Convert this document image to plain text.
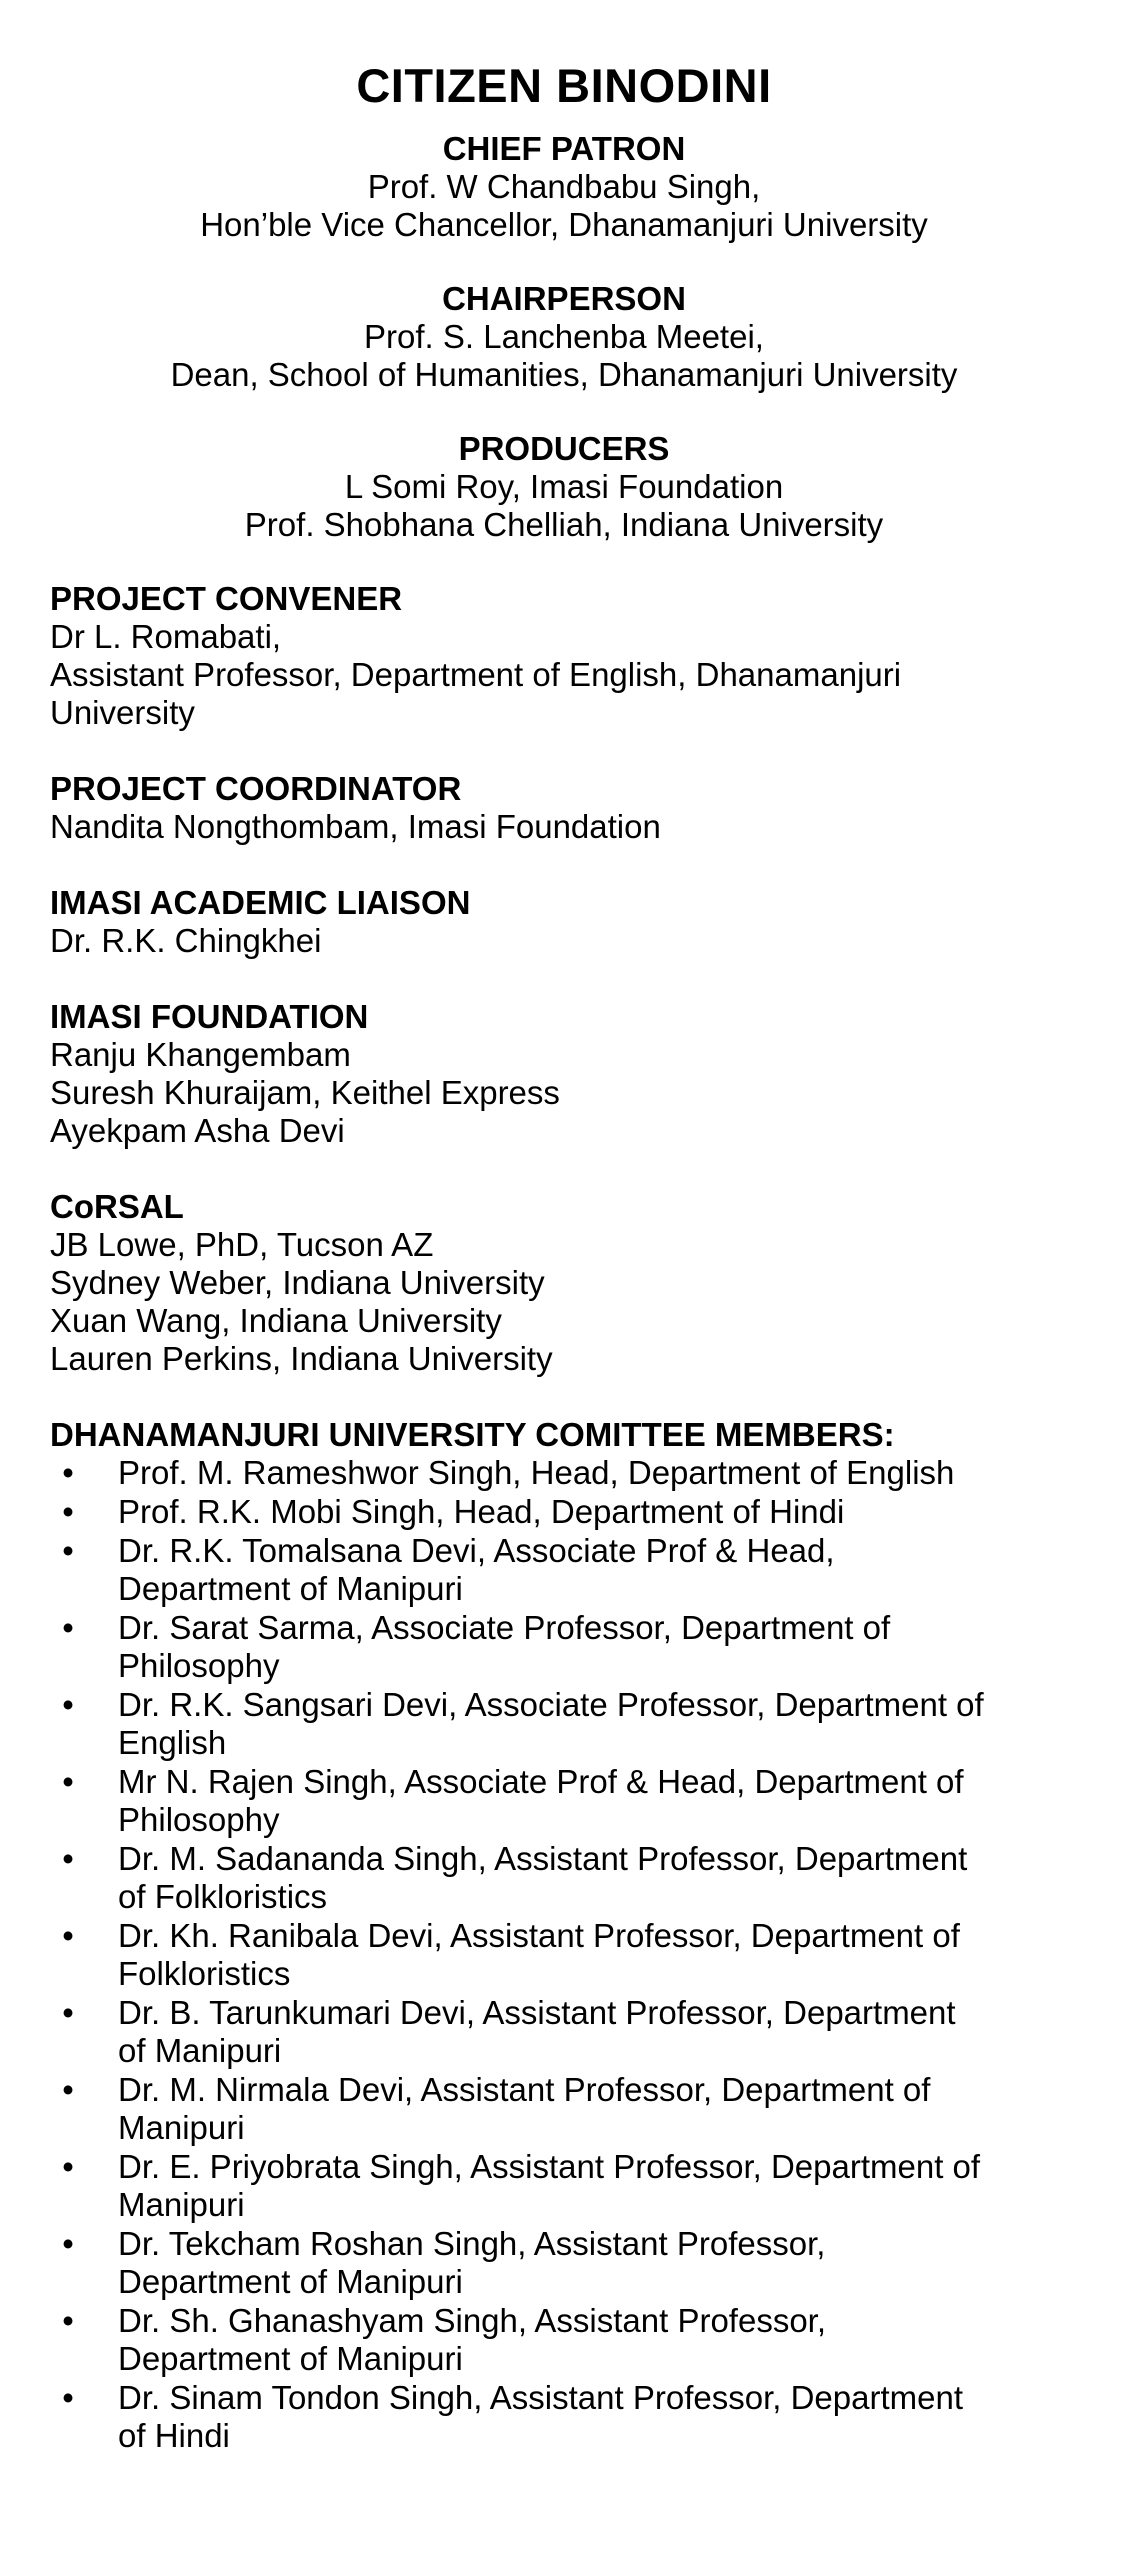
CITIZEN BINODINI
CHIEF PATRON
Prof. W Chandbabu Singh,
Hon’ble Vice Chancellor, Dhanamanjuri University
CHAIRPERSON
Prof. S. Lanchenba Meetei,
Dean, School of Humanities, Dhanamanjuri University
PRODUCERS
L Somi Roy, Imasi Foundation
Prof. Shobhana Chelliah, Indiana University
PROJECT CONVENER
Dr L. Romabati,
Assistant Professor, Department of English, Dhanamanjuri
University
PROJECT COORDINATOR
Nandita Nongthombam, Imasi Foundation
IMASI ACADEMIC LIAISON
Dr. R.K. Chingkhei
IMASI FOUNDATION
Ranju Khangembam
Suresh Khuraijam, Keithel Express
Ayekpam Asha Devi
CoRSAL
JB Lowe, PhD, Tucson AZ
Sydney Weber, Indiana University
Xuan Wang, Indiana University
Lauren Perkins, Indiana University
DHANAMANJURI UNIVERSITY COMITTEE MEMBERS:
• Prof. M. Rameshwor Singh, Head, Department of English
• Prof. R.K. Mobi Singh, Head, Department of Hindi
• Dr. R.K. Tomalsana Devi, Associate Prof & Head,
Department of Manipuri
• Dr. Sarat Sarma, Associate Professor, Department of
Philosophy
• Dr. R.K. Sangsari Devi, Associate Professor, Department of
English
• Mr N. Rajen Singh, Associate Prof & Head, Department of
Philosophy
• Dr. M. Sadananda Singh, Assistant Professor, Department
of Folkloristics
• Dr. Kh. Ranibala Devi, Assistant Professor, Department of
Folkloristics
• Dr. B. Tarunkumari Devi, Assistant Professor, Department
of Manipuri
• Dr. M. Nirmala Devi, Assistant Professor, Department of
Manipuri
• Dr. E. Priyobrata Singh, Assistant Professor, Department of
Manipuri
• Dr. Tekcham Roshan Singh, Assistant Professor,
Department of Manipuri
• Dr. Sh. Ghanashyam Singh, Assistant Professor,
Department of Manipuri
• Dr. Sinam Tondon Singh, Assistant Professor, Department
of Hindi
